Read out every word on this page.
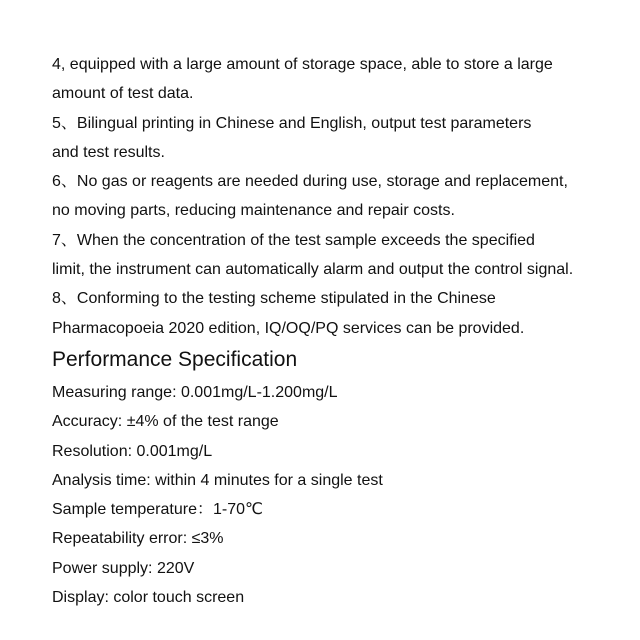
4, equipped with a large amount of storage space, able to store a large
amount of test data.

5、Bilingual printing in Chinese and English, output test parameters
and test results.

6、No gas or reagents are needed during use, storage and replacement,
no moving parts, reducing maintenance and repair costs.

7、When the concentration of the test sample exceeds the specified
limit, the instrument can automatically alarm and output the control signal.

8、Conforming to the testing scheme stipulated in the Chinese
Pharmacopoeia 2020 edition, IQ/OQ/PQ services can be provided.

Performance Specification

Measuring range: 0.001mg/L-1.200mg/L

Accuracy: ±4% of the test range

Resolution: 0.001mg/L

Analysis time: within 4 minutes for a single test

Sample temperature：1-70℃

Repeatability error: ≤3%

Power supply: 220V

Display: color touch screen
